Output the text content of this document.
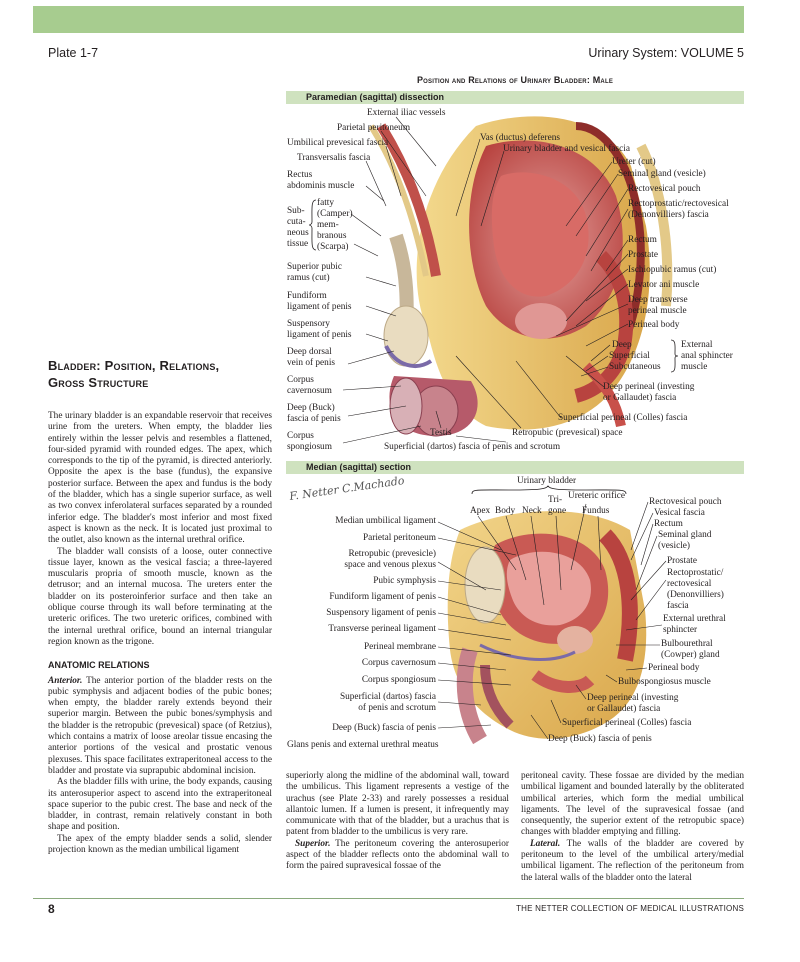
Plate 1-7	Urinary System: VOLUME 5
Position and Relations of Urinary Bladder: Male
Paramedian (sagittal) dissection
External iliac vessels
Parietal peritoneum
Umbilical prevesical fascia
Transversalis fascia
Rectus
abdominis muscle
Sub-
cuta-
neous
tissue
fatty
(Camper)
mem-
branous
(Scarpa)
Superior pubic
ramus (cut)
Fundiform
ligament of penis
Suspensory
ligament of penis
Deep dorsal
vein of penis
Corpus
cavernosum
Deep (Buck)
fascia of penis
Corpus
spongiosum
Vas (ductus) deferens
Urinary bladder and vesical fascia
Ureter (cut)
Seminal gland (vesicle)
Rectovesical pouch
Rectoprostatic/rectovesical
(Denonvilliers) fascia
Rectum
Prostate
Ischiopubic ramus (cut)
Levator ani muscle
Deep transverse
perineal muscle
Perineal body
Deep
Superficial
Subcutaneous
External
anal sphincter
muscle
Deep perineal (investing
or Gallaudet) fascia
Superficial perineal (Colles) fascia
Testis	Retropubic (prevesical) space
Superficial (dartos) fascia of penis and scrotum
Median (sagittal) section
F. Netter C.Machado	Urinary bladder
Apex Body Neck
Tri-
gone
Ureteric orifice
Fundus
Median umbilical ligament
Parietal peritoneum
Retropubic (prevesicle)
space and venous plexus
Pubic symphysis
Fundiform ligament of penis
Suspensory ligament of penis
Transverse perineal ligament
Perineal membrane
Corpus cavernosum
Corpus spongiosum
Superficial (dartos) fascia
of penis and scrotum
Deep (Buck) fascia of penis
Glans penis and external urethral meatus
Rectovesical pouch
Vesical fascia
Rectum
Seminal gland
(vesicle)
Prostate
Rectoprostatic/
rectovesical
(Denonvilliers)
fascia
External urethral
sphincter
Bulbourethral
(Cowper) gland
Perineal body
Bulbospongiosus muscle
Deep perineal (investing
or Gallaudet) fascia
Superficial perineal (Colles) fascia
Deep (Buck) fascia of penis
Bladder: Position, Relations,
Gross Structure

The urinary bladder is an expandable reservoir that receives urine from the ureters. When empty, the bladder lies entirely within the lesser pelvis and resembles a flattened, four-sided pyramid with rounded edges. The apex, which corresponds to the tip of the pyramid, is directed anteriorly. Opposite the apex is the base (fundus), the expansive posterior surface. Between the apex and fundus is the body of the bladder, which has a single superior surface, as well as two convex inferolateral surfaces separated by a rounded inferior edge. The bladder's most inferior and most fixed aspect is known as the neck. It is located just proximal to the outlet, also known as the internal urethral orifice.

The bladder wall consists of a loose, outer connective tissue layer, known as the vesical fascia; a three-layered muscularis propria of smooth muscle, known as the detrusor; and an internal mucosa. The ureters enter the bladder on its posteroinferior surface and then take an oblique course through its wall before terminating at the ureteric orifices. The two ureteric orifices, combined with the internal urethral orifice, bound an internal triangular region known as the trigone.

ANATOMIC RELATIONS

Anterior. The anterior portion of the bladder rests on the pubic symphysis and adjacent bodies of the pubic bones; when empty, the bladder rarely extends beyond their superior margin. Between the pubic bones/symphysis and the bladder is the retropubic (prevesical) space (of Retzius), which contains a matrix of loose areolar tissue encasing the anterior portions of the vesical and prostatic venous plexuses. This space facilitates extraperitoneal access to the bladder and prostate via suprapubic abdominal incision.

As the bladder fills with urine, the body expands, causing its anterosuperior aspect to ascend into the extraperitoneal space superior to the pubic crest. The base and neck of the bladder, in contrast, remain relatively constant in both shape and position.

The apex of the empty bladder sends a solid, slender projection known as the median umbilical ligament

superiorly along the midline of the abdominal wall, toward the umbilicus. This ligament represents a vestige of the urachus (see Plate 2-33) and rarely possesses a residual allantoic lumen. If a lumen is present, it infrequently may communicate with that of the bladder, but a urachus that is patent from bladder to the umbilicus is very rare.

Superior. The peritoneum covering the anterosuperior aspect of the bladder reflects onto the abdominal wall to form the paired supravesical fossae of the

peritoneal cavity. These fossae are divided by the median umbilical ligament and bounded laterally by the obliterated umbilical arteries, which form the medial umbilical ligaments. The level of the supravesical fossae (and consequently, the superior extent of the retropubic space) changes with bladder emptying and filling.

Lateral. The walls of the bladder are covered by peritoneum to the level of the umbilical artery/medial umbilical ligament. The reflection of the peritoneum from the lateral walls of the bladder onto the lateral

8	THE NETTER COLLECTION OF MEDICAL ILLUSTRATIONS
